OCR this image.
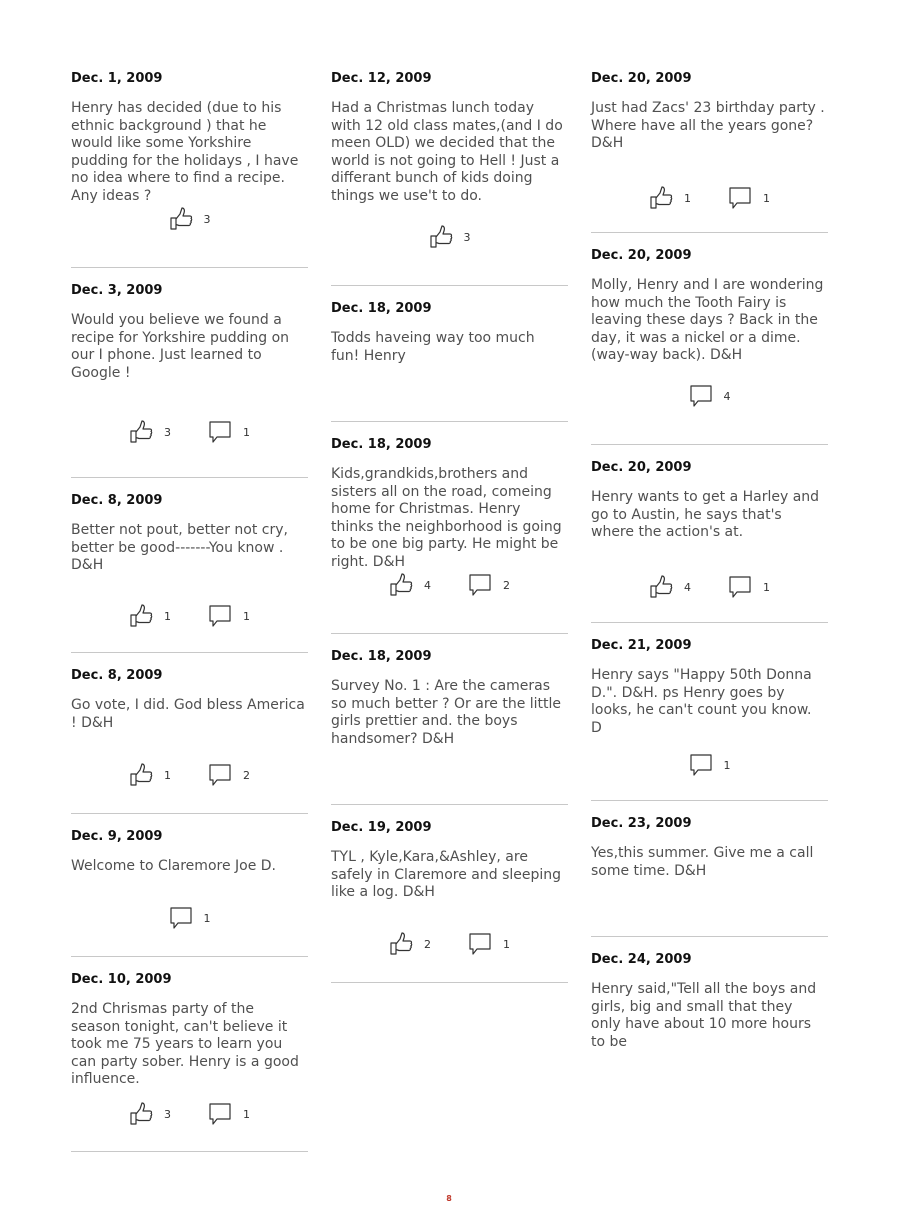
Dec. 1, 2009

Henry has decided (due to his ethnic background ) that he would like some Yorkshire pudding for the holidays , I have no idea where to find a recipe. Any ideas ?

3
Dec. 3, 2009

Would you believe we found a recipe for Yorkshire pudding on our I phone. Just learned to Google !

3	1
Dec. 8, 2009

Better not pout, better not cry, better be good-------You know . D&H

1	1
Dec. 8, 2009

Go vote, I did. God bless America ! D&H

1	2
Dec. 9, 2009

Welcome to Claremore Joe D.

1
Dec. 10, 2009

2nd Chrismas party of the season tonight, can't believe it took me 75 years to learn you can party sober. Henry is a good influence.

3	1
Dec. 12, 2009

Had a Christmas lunch today with 12 old class mates,(and I do meen OLD) we decided that the world is not going to Hell ! Just a differant bunch of kids doing things we use't to do.

3
Dec. 18, 2009

Todds haveing way too much fun! Henry

Dec. 18, 2009

Kids,grandkids,brothers and sisters all on the road, comeing home for Christmas. Henry thinks the neighborhood is going to be one big party. He might be right. D&H

4	2
Dec. 18, 2009

Survey No. 1 : Are the cameras so much better ? Or are the little girls prettier and. the boys handsomer? D&H

Dec. 19, 2009

TYL , Kyle,Kara,&Ashley, are safely in Claremore and sleeping like a log. D&H

2	1
Dec. 20, 2009

Just had Zacs' 23 birthday party . Where have all the years gone? D&H

1	1
Dec. 20, 2009

Molly, Henry and I are wondering how much the Tooth Fairy is leaving these days ? Back in the day, it was a nickel or a dime.(way-way back). D&H

4
Dec. 20, 2009

Henry wants to get a Harley and go to Austin, he says that's where the action's at.

4	1
Dec. 21, 2009

Henry says "Happy 50th Donna D.". D&H. ps Henry goes by looks, he can't count you know. D

1
Dec. 23, 2009

Yes,this summer. Give me a call some time. D&H

Dec. 24, 2009

Henry said,"Tell all the boys and girls, big and small that they only have about 10 more hours to be

8
